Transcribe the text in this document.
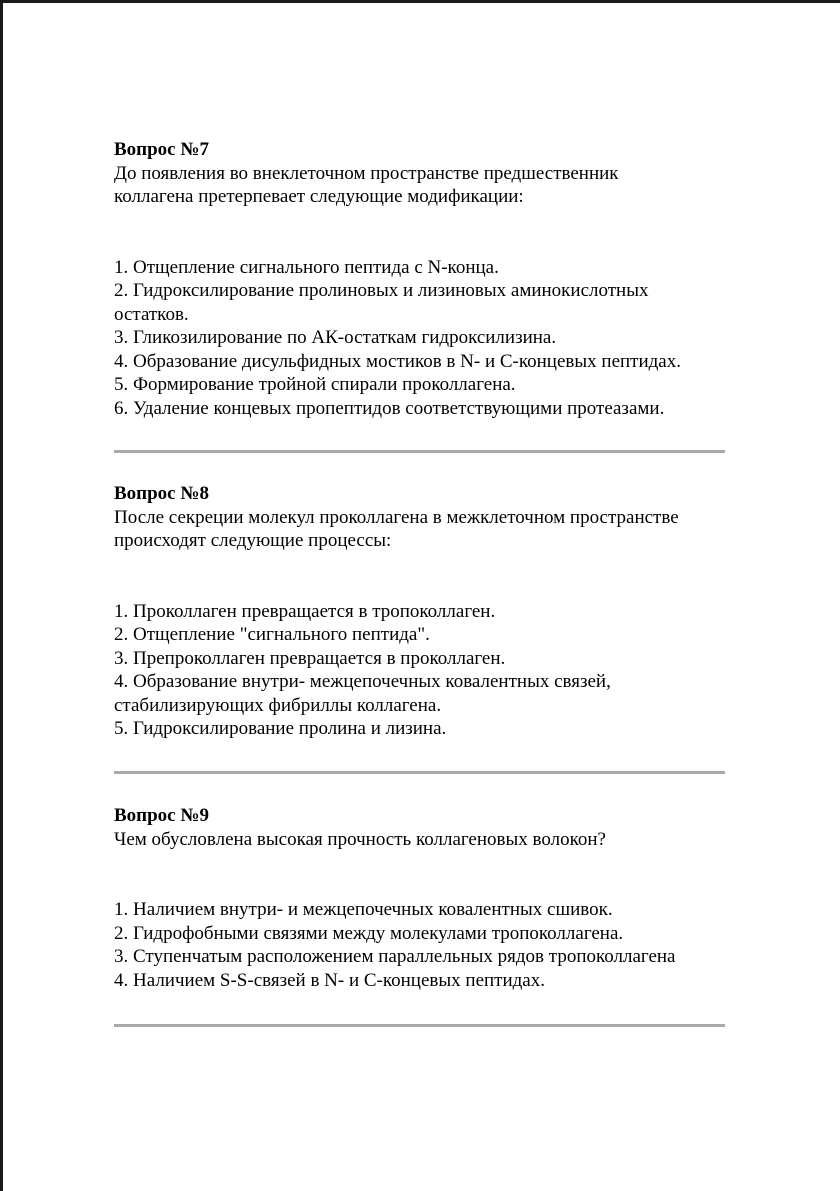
Вопрос №7

До появления во внеклеточном пространстве предшественник

коллагена претерпевает следующие модификации:

1. Отщепление сигнального пептида с N-конца.
2. Гидроксилирование пролиновых и лизиновых аминокислотных
остатков.
3. Гликозилирование по АК-остаткам гидроксилизина.
4. Образование дисульфидных мостиков в N- и С-концевых пептидах.
5. Формирование тройной спирали проколлагена.
6. Удаление концевых пропептидов соответствующими протеазами.

Вопрос №8

После секреции молекул проколлагена в межклеточном пространстве

происходят следующие процессы:

1. Проколлаген превращается в тропоколлаген.
2. Отщепление "сигнального пептида".
3. Препроколлаген превращается в проколлаген.
4. Образование внутри- межцепочечных ковалентных связей,
стабилизирующих фибриллы коллагена.
5. Гидроксилирование пролина и лизина.

Вопрос №9

Чем обусловлена высокая прочность коллагеновых волокон?

1. Наличием внутри- и межцепочечных ковалентных сшивок.
2. Гидрофобными связями между молекулами тропоколлагена.
3. Ступенчатым расположением параллельных рядов тропоколлагена
4. Наличием S-S-связей в N- и С-концевых пептидах.
